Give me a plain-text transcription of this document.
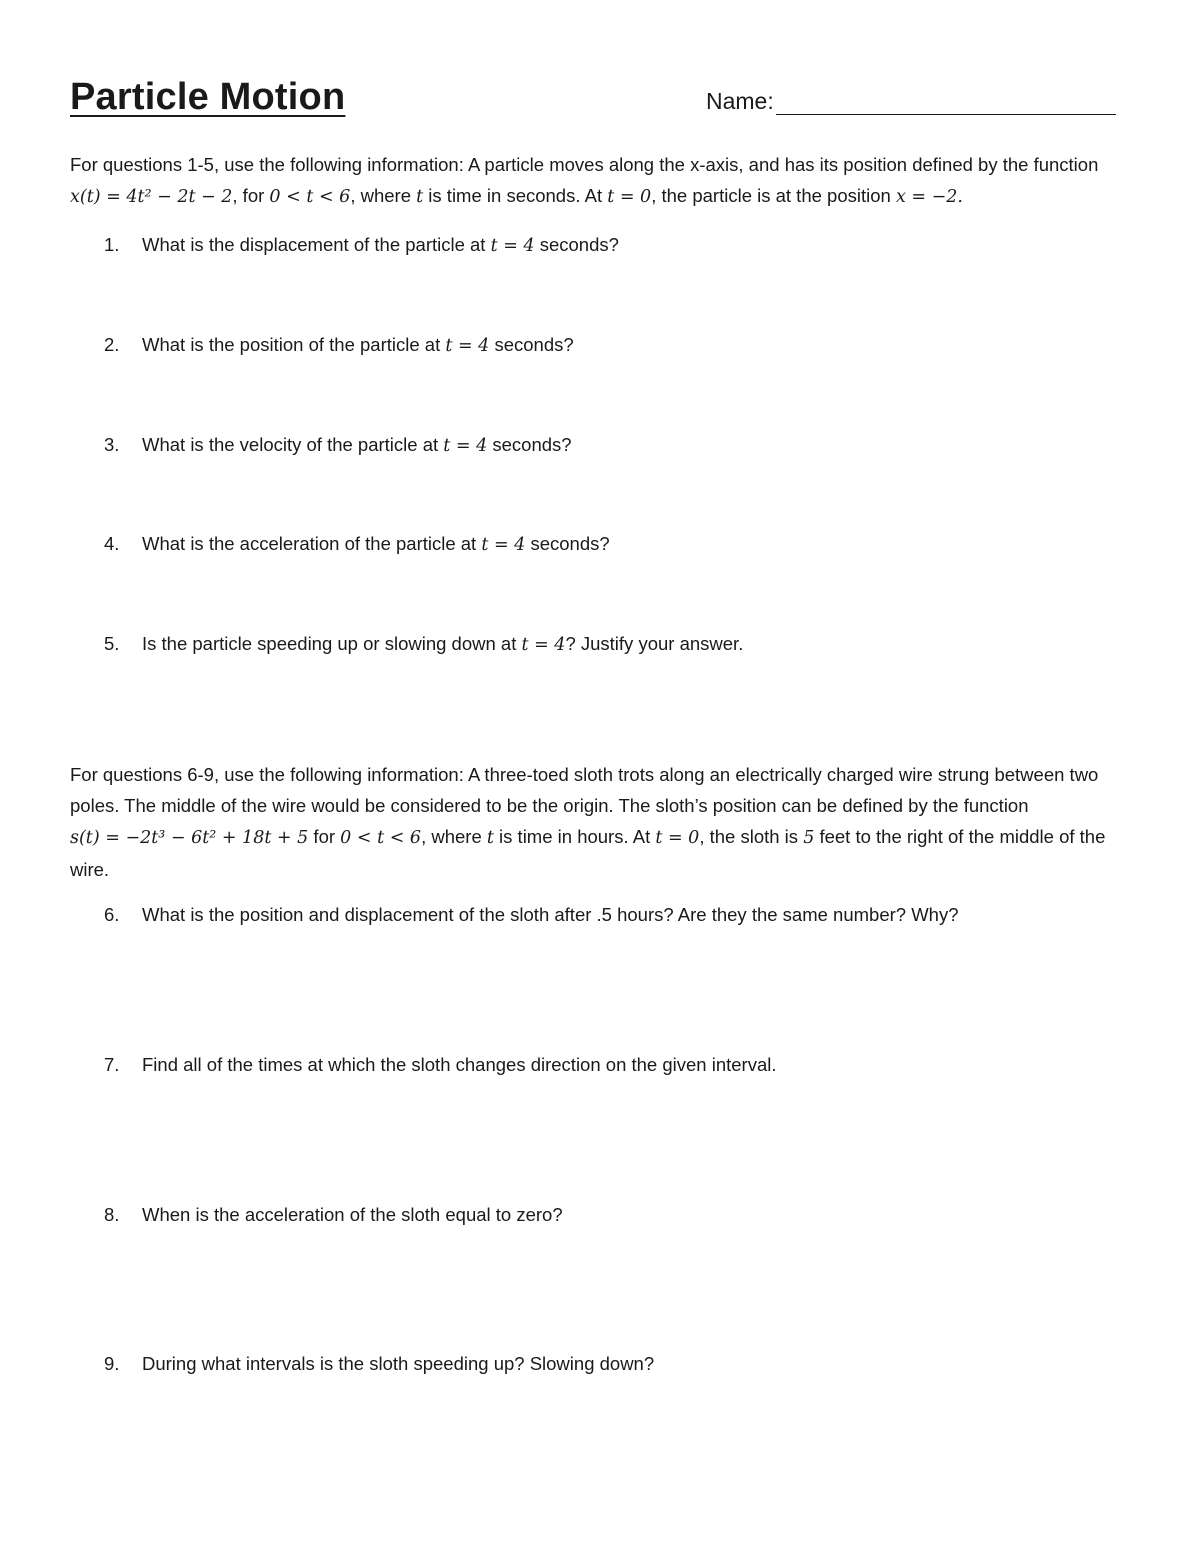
Particle Motion	Name:
For questions 1-5, use the following information: A particle moves along the x-axis, and has its position defined by the function x(t) = 4t² − 2t − 2, for 0 < t < 6, where t is time in seconds. At t = 0, the particle is at the position x = −2.
1.	What is the displacement of the particle at t = 4 seconds?
2.	What is the position of the particle at t = 4 seconds?
3.	What is the velocity of the particle at t = 4 seconds?
4.	What is the acceleration of the particle at t = 4 seconds?
5.	Is the particle speeding up or slowing down at t = 4? Justify your answer.
For questions 6-9, use the following information: A three-toed sloth trots along an electrically charged wire strung between two poles. The middle of the wire would be considered to be the origin. The sloth’s position can be defined by the function s(t) = −2t³ − 6t² + 18t + 5 for 0 < t < 6, where t is time in hours. At t = 0, the sloth is 5 feet to the right of the middle of the wire.
6.	What is the position and displacement of the sloth after .5 hours? Are they the same number? Why?
7.	Find all of the times at which the sloth changes direction on the given interval.
8.	When is the acceleration of the sloth equal to zero?
9.	During what intervals is the sloth speeding up? Slowing down?
